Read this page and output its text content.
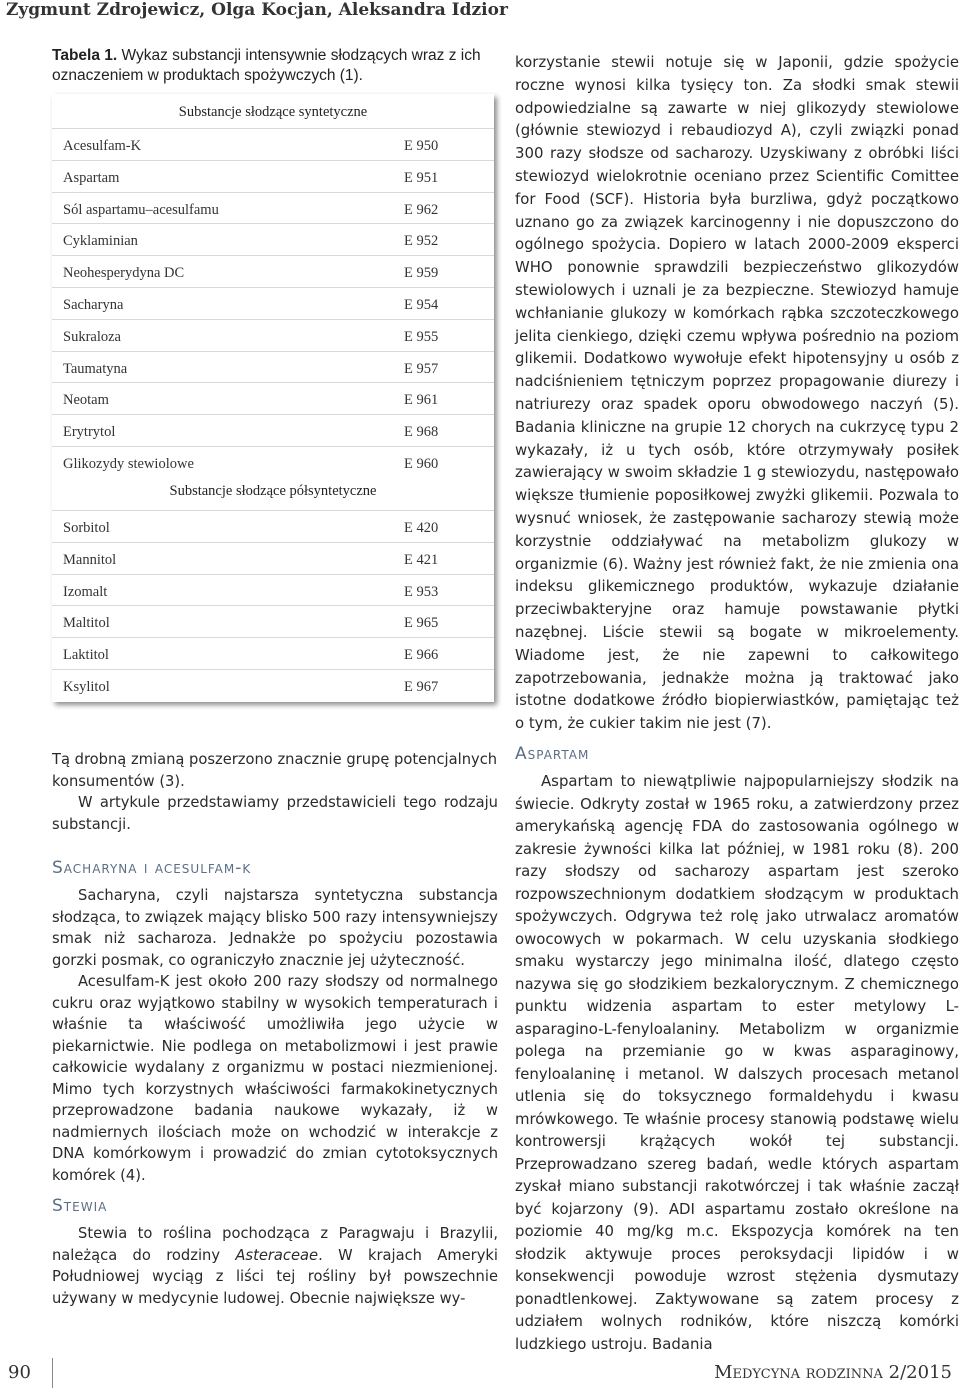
Zygmunt Zdrojewicz, Olga Kocjan, Aleksandra Idzior
Tabela 1. Wykaz substancji intensywnie słodzących wraz z ich oznaczeniem w produktach spożywczych (1).
Substancje słodzące syntetyczne
Acesulfam-K	E 950
Aspartam	E 951
Sól aspartamu–acesulfamu	E 962
Cyklaminian	E 952
Neohesperydyna DC	E 959
Sacharyna	E 954
Sukraloza	E 955
Taumatyna	E 957
Neotam	E 961
Erytrytol	E 968
Glikozydy stewiolowe	E 960
Substancje słodzące półsyntetyczne
Sorbitol	E 420
Mannitol	E 421
Izomalt	E 953
Maltitol	E 965
Laktitol	E 966
Ksylitol	E 967

Tą drobną zmianą poszerzono znacznie grupę potencjalnych konsumentów (3).

W artykule przedstawiamy przedstawicieli tego rodzaju substancji.

Sacharyna i acesulfam-k

Sacharyna, czyli najstarsza syntetyczna substancja słodząca, to związek mający blisko 500 razy intensywniejszy smak niż sacharoza. Jednakże po spożyciu pozostawia gorzki posmak, co ograniczyło znacznie jej użyteczność.

Acesulfam-K jest około 200 razy słodszy od normalnego cukru oraz wyjątkowo stabilny w wysokich temperaturach i właśnie ta właściwość umożliwiła jego użycie w piekarnictwie. Nie podlega on metabolizmowi i jest prawie całkowicie wydalany z organizmu w postaci niezmienionej. Mimo tych korzystnych właściwości farmakokinetycznych przeprowadzone badania naukowe wykazały, iż w nadmiernych ilościach może on wchodzić w interakcje z DNA komórkowym i prowadzić do zmian cytotoksycznych komórek (4).

Stewia

Stewia to roślina pochodząca z Paragwaju i Brazylii, należąca do rodziny Asteraceae. W krajach Ameryki Południowej wyciąg z liści tej rośliny był powszechnie używany w medycynie ludowej. Obecnie największe wy-

korzystanie stewii notuje się w Japonii, gdzie spożycie roczne wynosi kilka tysięcy ton. Za słodki smak stewii odpowiedzialne są zawarte w niej glikozydy stewiolowe (głównie stewiozyd i rebaudiozyd A), czyli związki ponad 300 razy słodsze od sacharozy. Uzyskiwany z obróbki liści stewiozyd wielokrotnie oceniano przez Scientific Comittee for Food (SCF). Historia była burzliwa, gdyż początkowo uznano go za związek karcinogenny i nie dopuszczono do ogólnego spożycia. Dopiero w latach 2000-2009 eksperci WHO ponownie sprawdzili bezpieczeństwo glikozydów stewiolowych i uznali je za bezpieczne. Stewiozyd hamuje wchłanianie glukozy w komórkach rąbka szczoteczkowego jelita cienkiego, dzięki czemu wpływa pośrednio na poziom glikemii. Dodatkowo wywołuje efekt hipotensyjny u osób z nadciśnieniem tętniczym poprzez propagowanie diurezy i natriurezy oraz spadek oporu obwodowego naczyń (5). Badania kliniczne na grupie 12 chorych na cukrzycę typu 2 wykazały, iż u tych osób, które otrzymywały posiłek zawierający w swoim składzie 1 g stewiozydu, następowało większe tłumienie poposiłkowej zwyżki glikemii. Pozwala to wysnuć wniosek, że zastępowanie sacharozy stewią może korzystnie oddziaływać na metabolizm glukozy w organizmie (6). Ważny jest również fakt, że nie zmienia ona indeksu glikemicznego produktów, wykazuje działanie przeciwbakteryjne oraz hamuje powstawanie płytki nazębnej. Liście stewii są bogate w mikroelementy. Wiadome jest, że nie zapewni to całkowitego zapotrzebowania, jednakże można ją traktować jako istotne dodatkowe źródło biopierwiastków, pamiętając też o tym, że cukier takim nie jest (7).

Aspartam

Aspartam to niewątpliwie najpopularniejszy słodzik na świecie. Odkryty został w 1965 roku, a zatwierdzony przez amerykańską agencję FDA do zastosowania ogólnego w zakresie żywności kilka lat później, w 1981 roku (8). 200 razy słodszy od sacharozy aspartam jest szeroko rozpowszechnionym dodatkiem słodzącym w produktach spożywczych. Odgrywa też rolę jako utrwalacz aromatów owocowych w pokarmach. W celu uzyskania słodkiego smaku wystarczy jego minimalna ilość, dlatego często nazywa się go słodzikiem bezkalorycznym. Z chemicznego punktu widzenia aspartam to ester metylowy L-asparagino-L-fenyloalaniny. Metabolizm w organizmie polega na przemianie go w kwas asparaginowy, fenyloalaninę i metanol. W dalszych procesach metanol utlenia się do toksycznego formaldehydu i kwasu mrówkowego. Te właśnie procesy stanowią podstawę wielu kontrowersji krążących wokół tej substancji. Przeprowadzano szereg badań, wedle których aspartam zyskał miano substancji rakotwórczej i tak właśnie zaczął być kojarzony (9). ADI aspartamu zostało określone na poziomie 40 mg/kg m.c. Ekspozycja komórek na ten słodzik aktywuje proces peroksydacji lipidów i w konsekwencji powoduje wzrost stężenia dysmutazy ponadtlenkowej. Zaktywowane są zatem procesy z udziałem wolnych rodników, które niszczą komórki ludzkiego ustroju. Badania

90	Medycyna rodzinna 2/2015
